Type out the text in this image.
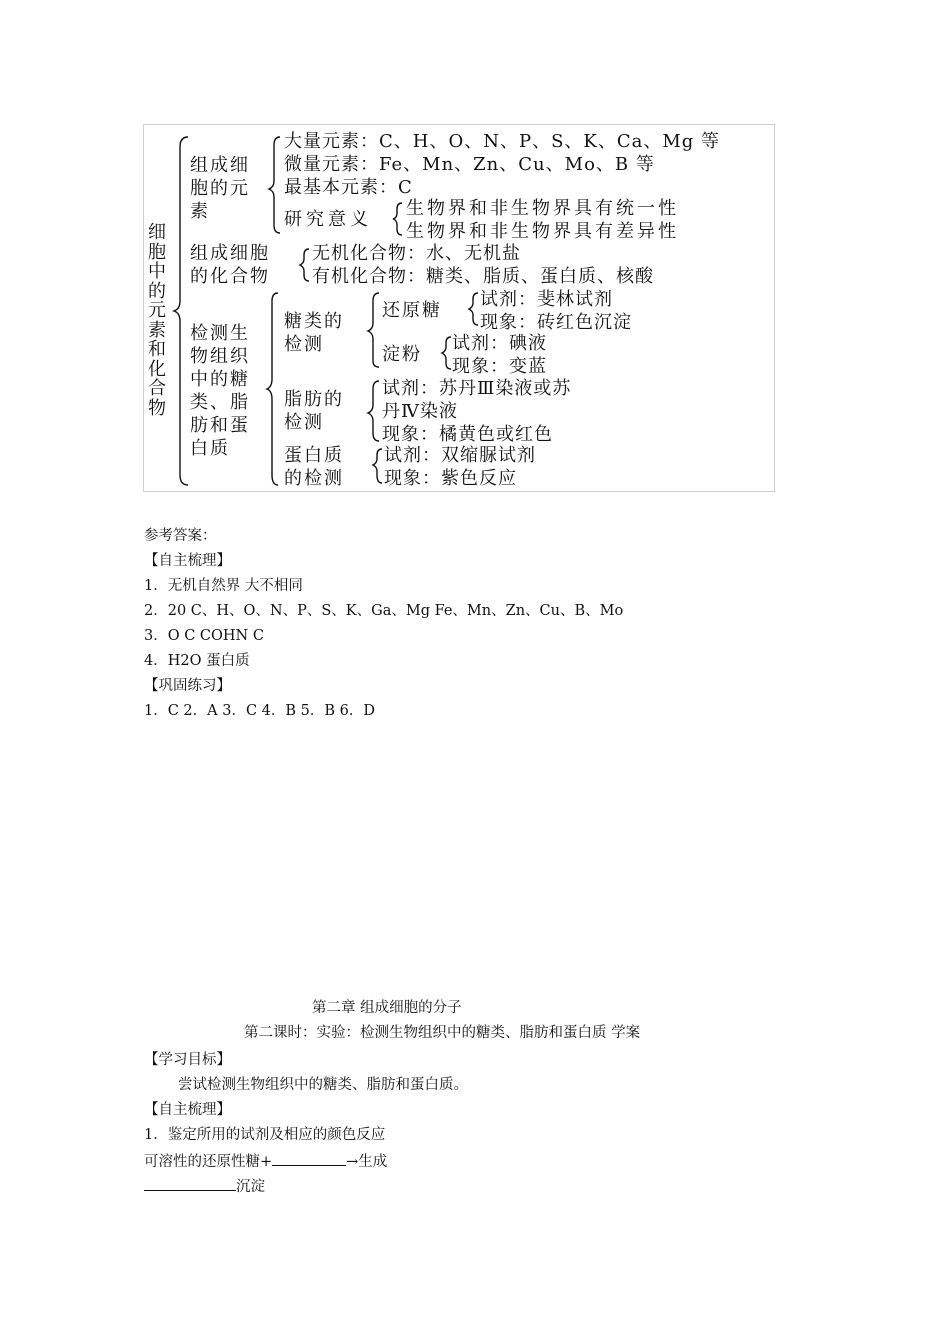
细胞中的元素和化合物
组成细
胞的元
素
大量元素：C、H、O、N、P、S、K、Ca、Mg 等
微量元素：Fe、Mn、Zn、Cu、Mo、B 等
最基本元素：C
研究意义
生物界和非生物界具有统一性
生物界和非生物界具有差异性
组成细胞
的化合物
无机化合物：水、无机盐
有机化合物：糖类、脂质、蛋白质、核酸
检测生
物组织
中的糖
类、脂
肪和蛋
白质
糖类的
检测
还原糖
试剂：斐林试剂
现象：砖红色沉淀
淀粉
试剂：碘液
现象：变蓝
脂肪的
检测
试剂：苏丹Ⅲ染液或苏
丹Ⅳ染液
现象：橘黄色或红色
蛋白质
的检测
试剂：双缩脲试剂
现象：紫色反应
参考答案：
【自主梳理】
1．无机自然界 大不相同
2．20 C、H、O、N、P、S、K、Ga、Mg Fe、Mn、Zn、Cu、B、Mo
3．O C COHN C
4．H2O 蛋白质
【巩固练习】
1．C 2．A 3．C 4．B 5．B 6．D
第二章 组成细胞的分子
第二课时：实验：检测生物组织中的糖类、脂肪和蛋白质 学案
【学习目标】
尝试检测生物组织中的糖类、脂肪和蛋白质。
【自主梳理】
1．鉴定所用的试剂及相应的颜色反应
可溶性的还原性糖+	→生成
沉淀
